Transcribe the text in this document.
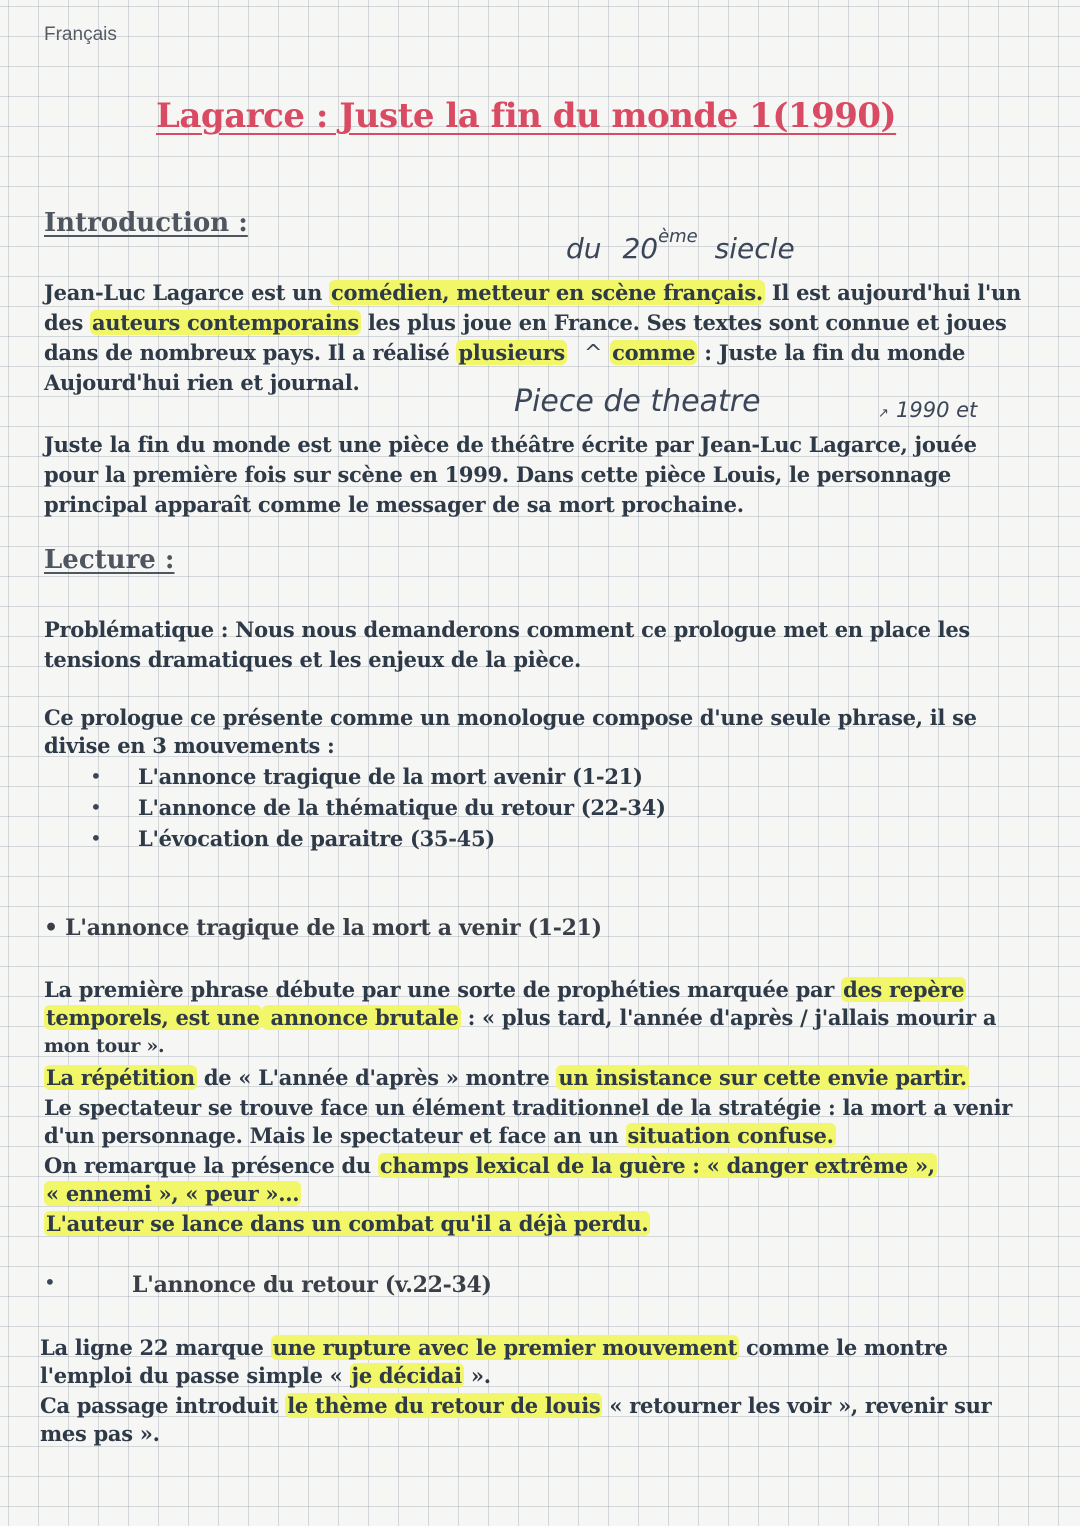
Français
Lagarce : Juste la fin du monde 1(1990)
Introduction :
du 20ème siecle
Jean-Luc Lagarce est un comédien, metteur en scène français. Il est aujourd'hui l'un
des auteurs contemporains les plus joue en France. Ses textes sont connue et joues
dans de nombreux pays. Il a réalisé plusieurs ^ comme : Juste la fin du monde
Aujourd'hui rien et journal.
Piece de theatre	↗ 1990 et
Juste la fin du monde est une pièce de théâtre écrite par Jean-Luc Lagarce, jouée
pour la première fois sur scène en 1999. Dans cette pièce Louis, le personnage
principal apparaît comme le messager de sa mort prochaine.
Lecture :
Problématique : Nous nous demanderons comment ce prologue met en place les
tensions dramatiques et les enjeux de la pièce.
Ce prologue ce présente comme un monologue compose d'une seule phrase, il se
divise en 3 mouvements :
• L'annonce tragique de la mort avenir (1-21)
• L'annonce de la thématique du retour (22-34)
• L'évocation de paraitre (35-45)
• L'annonce tragique de la mort a venir (1-21)
La première phrase débute par une sorte de prophéties marquée par des repère
temporels, est une annonce brutale : « plus tard, l'année d'après / j'allais mourir a
mon tour ».
La répétition de « L'année d'après » montre un insistance sur cette envie partir.
Le spectateur se trouve face un élément traditionnel de la stratégie : la mort a venir
d'un personnage. Mais le spectateur et face an un situation confuse.
On remarque la présence du champs lexical de la guère : « danger extrême »,
« ennemi », « peur »...
L'auteur se lance dans un combat qu'il a déjà perdu.
•	L'annonce du retour (v.22-34)
La ligne 22 marque une rupture avec le premier mouvement comme le montre
l'emploi du passe simple « je décidai ».
Ca passage introduit le thème du retour de louis « retourner les voir », revenir sur
mes pas ».
